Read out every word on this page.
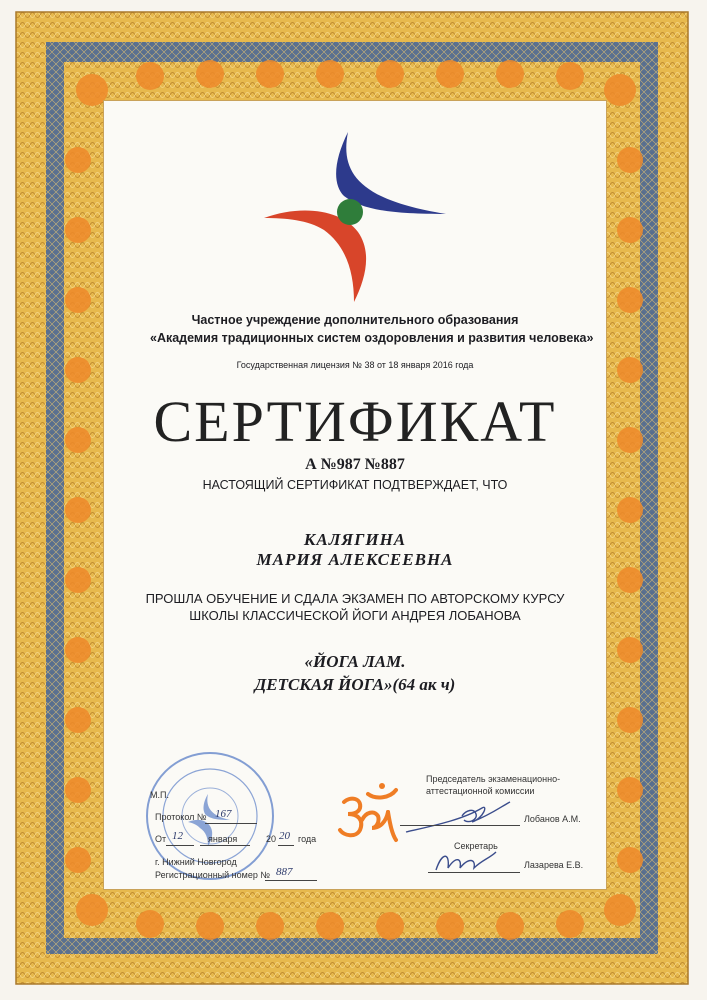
Частное учреждение дополнительного образования
«Академия традиционных систем оздоровления и развития человека»
Государственная лицензия № 38 от 18 января 2016 года
СЕРТИФИКАТ
А №987 №887
НАСТОЯЩИЙ СЕРТИФИКАТ ПОДТВЕРЖДАЕТ, ЧТО
КАЛЯГИНА
МАРИЯ АЛЕКСЕЕВНА
ПРОШЛА ОБУЧЕНИЕ И СДАЛА ЭКЗАМЕН ПО АВТОРСКОМУ КУРСУ
ШКОЛЫ КЛАССИЧЕСКОЙ ЙОГИ АНДРЕЯ ЛОБАНОВА
«ЙОГА ЛАМ.
ДЕТСКАЯ ЙОГА»(64 ак ч)
М.П.
Протокол № 167
От 12	января	20 20 года
г. Нижний Новгород
Регистрационный номер № 887
Председатель экзаменационно-
аттестационной комиссии
Лобанов А.М.
Секретарь
Лазарева Е.В.
